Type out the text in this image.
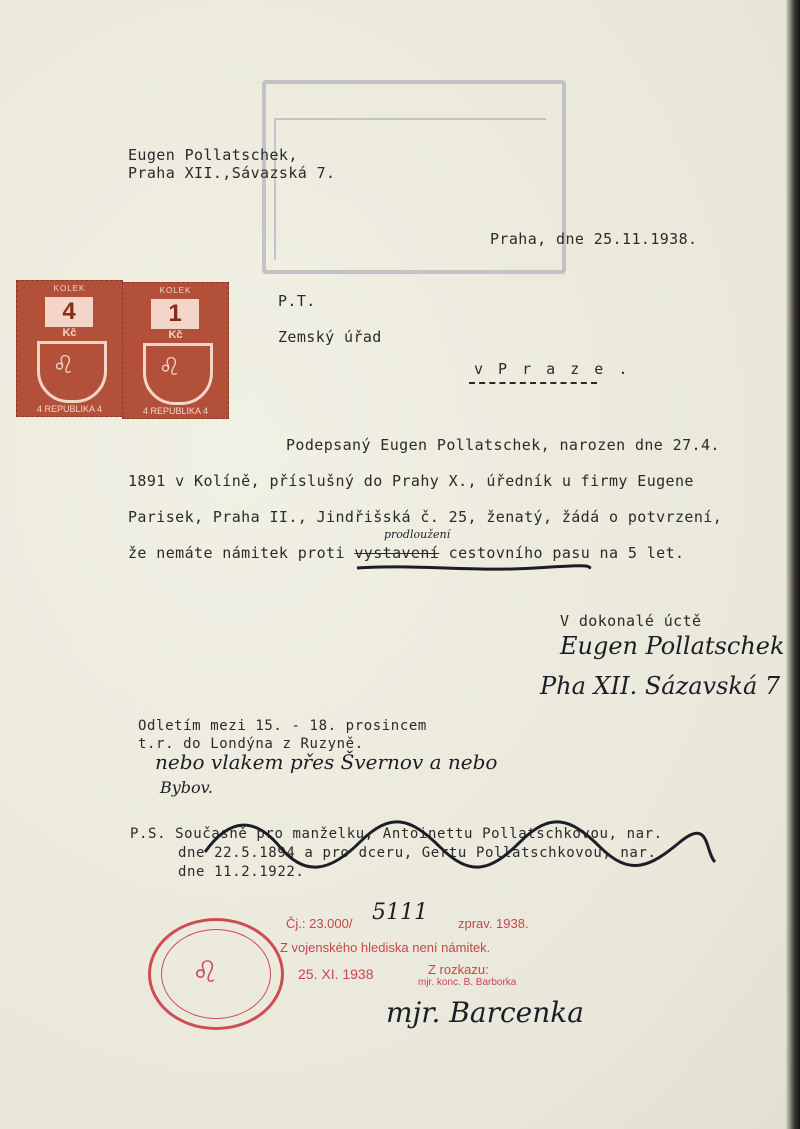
Eugen Pollatschek,
Praha XII.,Sávazská 7.
Praha, dne 25.11.1938.
KOLEK
4
Kč
♌
4 REPUBLIKA 4
KOLEK
1
Kč
♌
4 REPUBLIKA 4
P.T.
Zemský úřad
v P r a z e .
Podepsaný Eugen Pollatschek, narozen dne 27.4.
1891 v Kolíně, příslušný do Prahy X., úředník u firmy Eugene
prodloužení
Parisek, Praha II., Jindřišská č. 25, ženatý, žádá o potvrzení,
že nemáte námitek proti vystavení cestovního pasu na 5 let.
V dokonalé úctě
Eugen Pollatschek
Pha XII. Sázavská 7
Odletím mezi 15. - 18. prosincem
t.r. do Londýna z Ruzyně.
nebo vlakem přes Švernov a nebo
Bybov.
P.S. Současně pro manželku, Antoinettu Pollatschkovou, nar.
dne 22.5.1894 a pro dceru, Gertu Pollatschkovou, nar.
dne 11.2.1922.
♌
Čj.: 23.000/ 5111 zprav. 1938.
Z vojenského hlediska není námitek.
25. XI. 1938	Z rozkazu:
mjr. konc. B. Barborka
mjr. Barcenka
